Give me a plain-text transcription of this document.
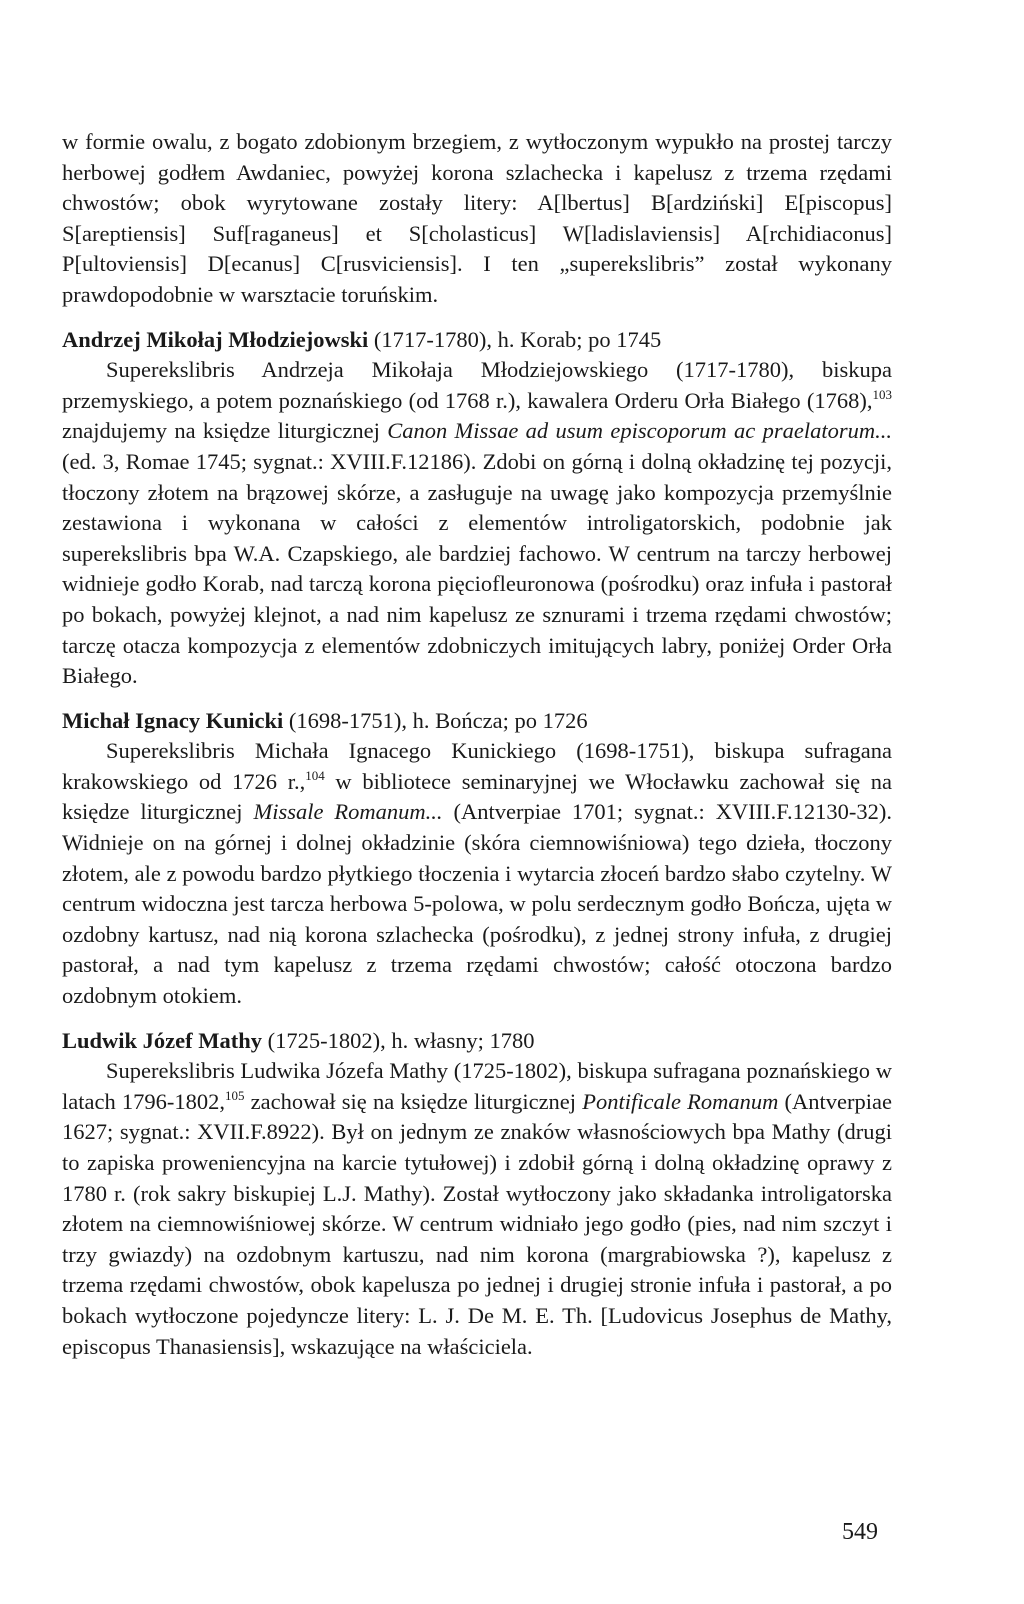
w formie owalu, z bogato zdobionym brzegiem, z wytłoczonym wypukło na prostej tarczy herbowej godłem Awdaniec, powyżej korona szlachecka i kapelusz z trzema rzędami chwostów; obok wyrytowane zostały litery: A[lbertus] B[ardziński] E[piscopus] S[areptiensis] Suf[raganeus] et S[cholasticus] W[ladislaviensis] A[rchidiaconus] P[ultoviensis] D[ecanus] C[rusviciensis]. I ten „superekslibris” został wykonany prawdopodobnie w warsztacie toruńskim.

Andrzej Mikołaj Młodziejowski (1717-1780), h. Korab; po 1745

Superekslibris Andrzeja Mikołaja Młodziejowskiego (1717-1780), biskupa przemyskiego, a potem poznańskiego (od 1768 r.), kawalera Orderu Orła Białego (1768),$^{103}$ znajdujemy na księdze liturgicznej Canon Missae ad usum episcoporum ac praelatorum... (ed. 3, Romae 1745; sygnat.: XVIII.F.12186). Zdobi on górną i dolną okładzinę tej pozycji, tłoczony złotem na brązowej skórze, a zasługuje na uwagę jako kompozycja przemyślnie zestawiona i wykonana w całości z elementów introligatorskich, podobnie jak superekslibris bpa W.A. Czapskiego, ale bardziej fachowo. W centrum na tarczy herbowej widnieje godło Korab, nad tarczą korona pięciofleuronowa (pośrodku) oraz infuła i pastorał po bokach, powyżej klejnot, a nad nim kapelusz ze sznurami i trzema rzędami chwostów; tarczę otacza kompozycja z elementów zdobniczych imitujących labry, poniżej Order Orła Białego.

Michał Ignacy Kunicki (1698-1751), h. Bończa; po 1726

Superekslibris Michała Ignacego Kunickiego (1698-1751), biskupa sufragana krakowskiego od 1726 r.,$^{104}$ w bibliotece seminaryjnej we Włocławku zachował się na księdze liturgicznej Missale Romanum... (Antverpiae 1701; sygnat.: XVIII.F.12130-32). Widnieje on na górnej i dolnej okładzinie (skóra ciemnowiśniowa) tego dzieła, tłoczony złotem, ale z powodu bardzo płytkiego tłoczenia i wytarcia złoceń bardzo słabo czytelny. W centrum widoczna jest tarcza herbowa 5-polowa, w polu serdecznym godło Bończa, ujęta w ozdobny kartusz, nad nią korona szlachecka (pośrodku), z jednej strony infuła, z drugiej pastorał, a nad tym kapelusz z trzema rzędami chwostów; całość otoczona bardzo ozdobnym otokiem.

Ludwik Józef Mathy (1725-1802), h. własny; 1780

Superekslibris Ludwika Józefa Mathy (1725-1802), biskupa sufragana poznańskiego w latach 1796-1802,$^{105}$ zachował się na księdze liturgicznej Pontificale Romanum (Antverpiae 1627; sygnat.: XVII.F.8922). Był on jednym ze znaków własnościowych bpa Mathy (drugi to zapiska proweniencyjna na karcie tytułowej) i zdobił górną i dolną okładzinę oprawy z 1780 r. (rok sakry biskupiej L.J. Mathy). Został wytłoczony jako składanka introligatorska złotem na ciemnowiśniowej skórze. W centrum widniało jego godło (pies, nad nim szczyt i trzy gwiazdy) na ozdobnym kartuszu, nad nim korona (margrabiowska ?), kapelusz z trzema rzędami chwostów, obok kapelusza po jednej i drugiej stronie infuła i pastorał, a po bokach wytłoczone pojedyncze litery: L. J. De M. E. Th. [Ludovicus Josephus de Mathy, episcopus Thanasiensis], wskazujące na właściciela.

549
